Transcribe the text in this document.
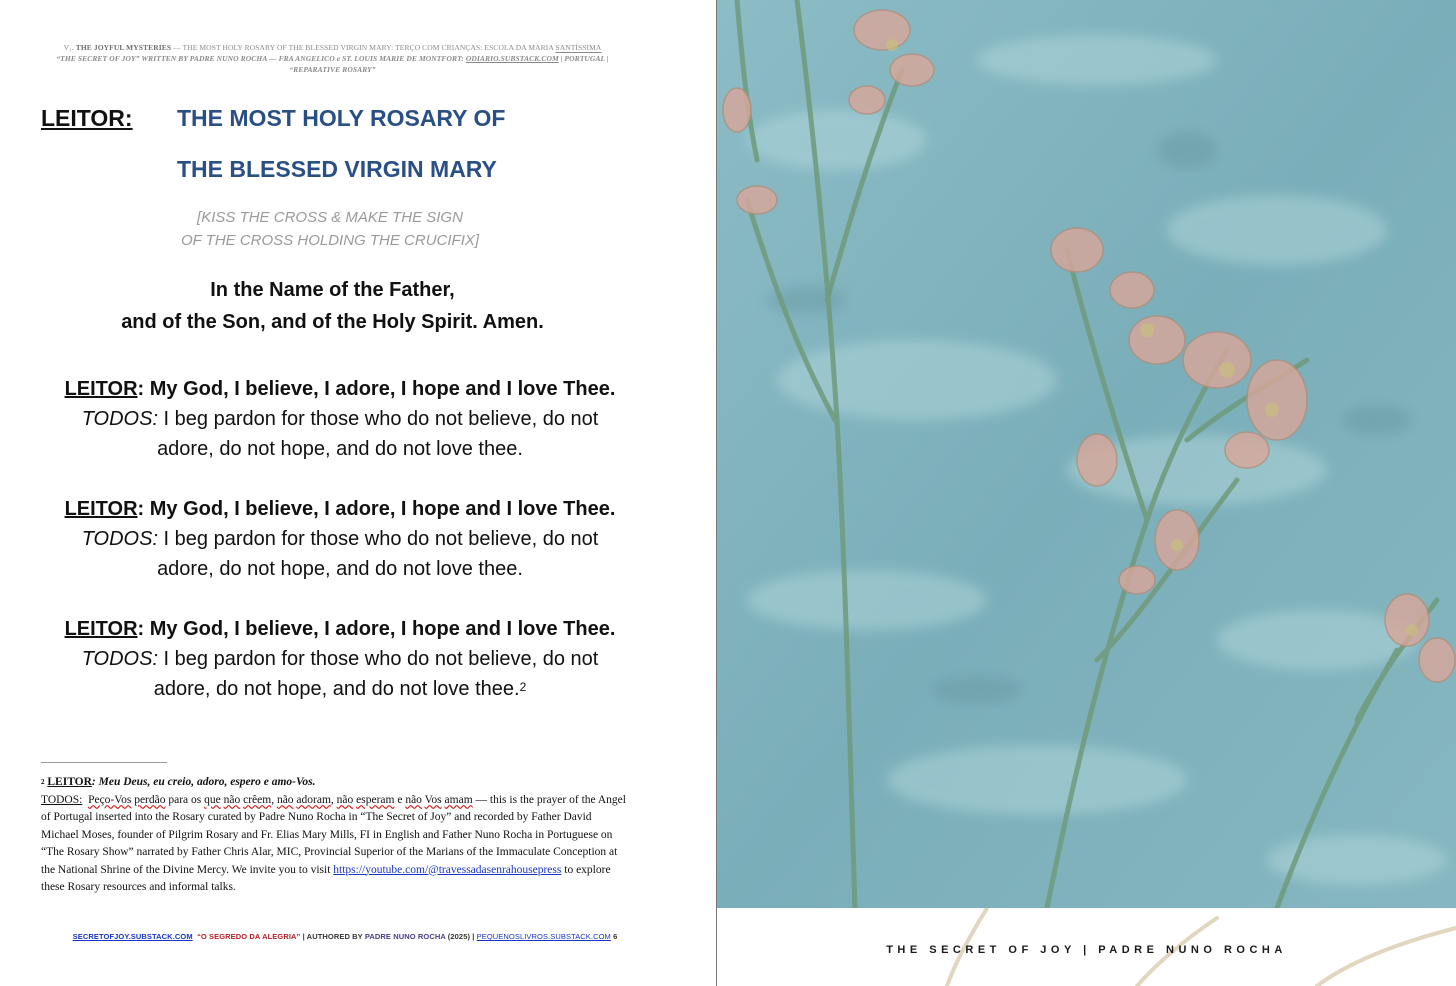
V₁. THE JOYFUL MYSTERIES — THE MOST HOLY ROSARY OF THE BLESSED VIRGIN MARY: TERÇO COM CRIANÇAS: ESCOLA DA MARIA SANTÍSSIMA
“THE SECRET OF JOY” WRITTEN BY PADRE NUNO ROCHA — FRA ANGELICO e ST. LOUIS MARIE DE MONTFORT: ODIARIO.SUBSTACK.COM | PORTUGAL | “REPARATIVE ROSARY”
LEITOR: THE MOST HOLY ROSARY OF
THE BLESSED VIRGIN MARY
[KISS THE CROSS & MAKE THE SIGN
OF THE CROSS HOLDING THE CRUCIFIX]
In the Name of the Father,
and of the Son, and of the Holy Spirit. Amen.
LEITOR: My God, I believe, I adore, I hope and I love Thee.
TODOS: I beg pardon for those who do not believe, do not
adore, do not hope, and do not love thee.
LEITOR: My God, I believe, I adore, I hope and I love Thee.
TODOS: I beg pardon for those who do not believe, do not
adore, do not hope, and do not love thee.
LEITOR: My God, I believe, I adore, I hope and I love Thee.
TODOS: I beg pardon for those who do not believe, do not
adore, do not hope, and do not love thee.$^2$
$^2$ LEITOR: Meu Deus, eu creio, adoro, espero e amo-Vos.
TODOS: Peço-Vos perdão para os que não crêem, não adoram, não esperam e não Vos amam — this is the prayer of the Angel of Portugal inserted into the Rosary curated by Padre Nuno Rocha in “The Secret of Joy” and recorded by Father David Michael Moses, founder of Pilgrim Rosary and Fr. Elias Mary Mills, FI in English and Father Nuno Rocha in Portuguese on “The Rosary Show” narrated by Father Chris Alar, MIC, Provincial Superior of the Marians of the Immaculate Conception at the National Shrine of the Divine Mercy. We invite you to visit https://youtube.com/@travessadasenrahousepress to explore these Rosary resources and informal talks.
SECRETOFJOY.SUBSTACK.COM “O SEGREDO DA ALEGRIA” | AUTHORED BY PADRE NUNO ROCHA (2025) | PEQUENOSLIVROS.SUBSTACK.COM 6
THE SECRET OF JOY | PADRE NUNO ROCHA
